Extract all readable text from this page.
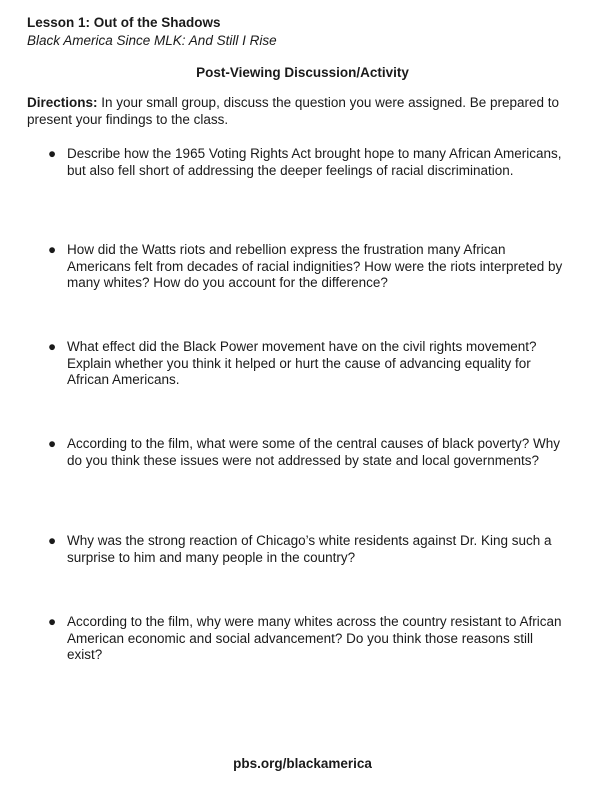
Lesson 1: Out of the Shadows

Black America Since MLK: And Still I Rise

Post-Viewing Discussion/Activity

Directions: In your small group, discuss the question you were assigned. Be prepared to present your findings to the class.

● Describe how the 1965 Voting Rights Act brought hope to many African Americans, but also fell short of addressing the deeper feelings of racial discrimination.
● How did the Watts riots and rebellion express the frustration many African Americans felt from decades of racial indignities? How were the riots interpreted by many whites? How do you account for the difference?
● What effect did the Black Power movement have on the civil rights movement? Explain whether you think it helped or hurt the cause of advancing equality for African Americans.
● According to the film, what were some of the central causes of black poverty? Why do you think these issues were not addressed by state and local governments?
● Why was the strong reaction of Chicago’s white residents against Dr. King such a surprise to him and many people in the country?
● According to the film, why were many whites across the country resistant to African American economic and social advancement? Do you think those reasons still exist?

pbs.org/blackamerica
